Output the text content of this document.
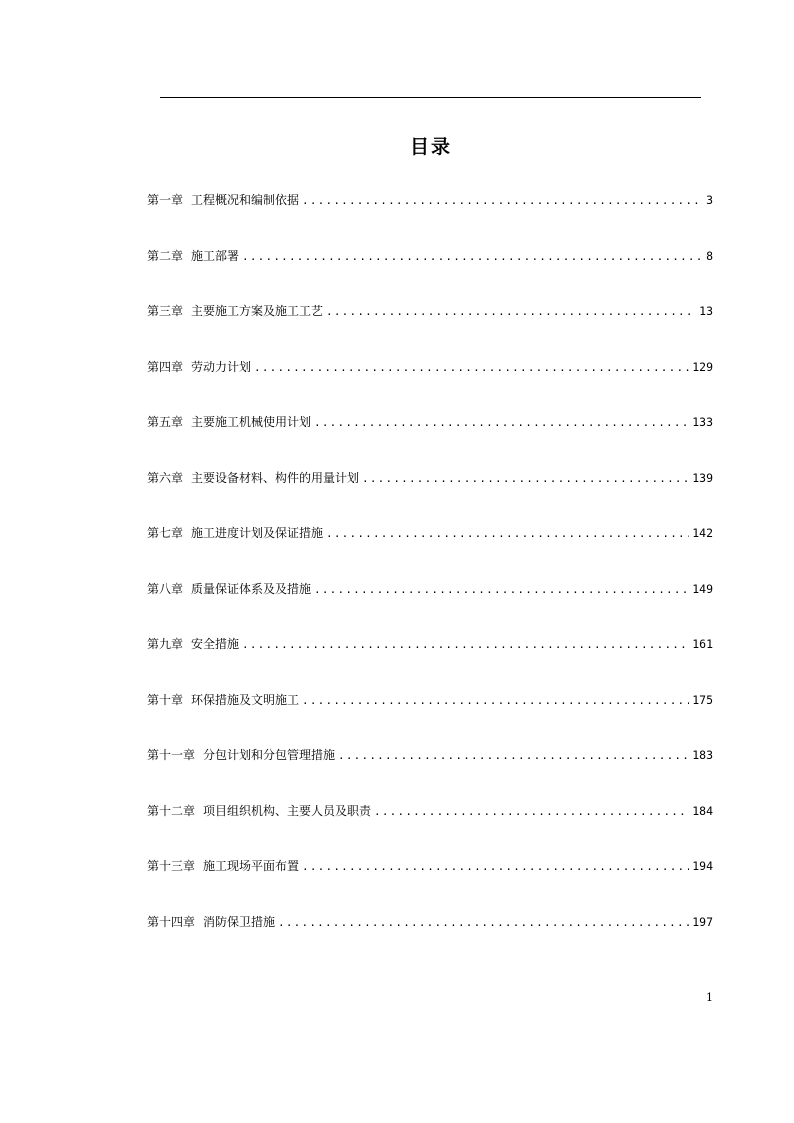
目录
第一章 工程概况和编制依据 .....	3
第二章 施工部署 .....	8
第三章 主要施工方案及施工工艺 .....	13
第四章 劳动力计划 .....	129
第五章 主要施工机械使用计划 .....	133
第六章 主要设备材料、构件的用量计划 .....	139
第七章 施工进度计划及保证措施 .....	142
第八章 质量保证体系及及措施 .....	149
第九章 安全措施 .....	161
第十章 环保措施及文明施工 .....	175
第十一章 分包计划和分包管理措施 .....	183
第十二章 项目组织机构、主要人员及职责 .....	184
第十三章 施工现场平面布置 .....	194
第十四章 消防保卫措施 .....	197
1
